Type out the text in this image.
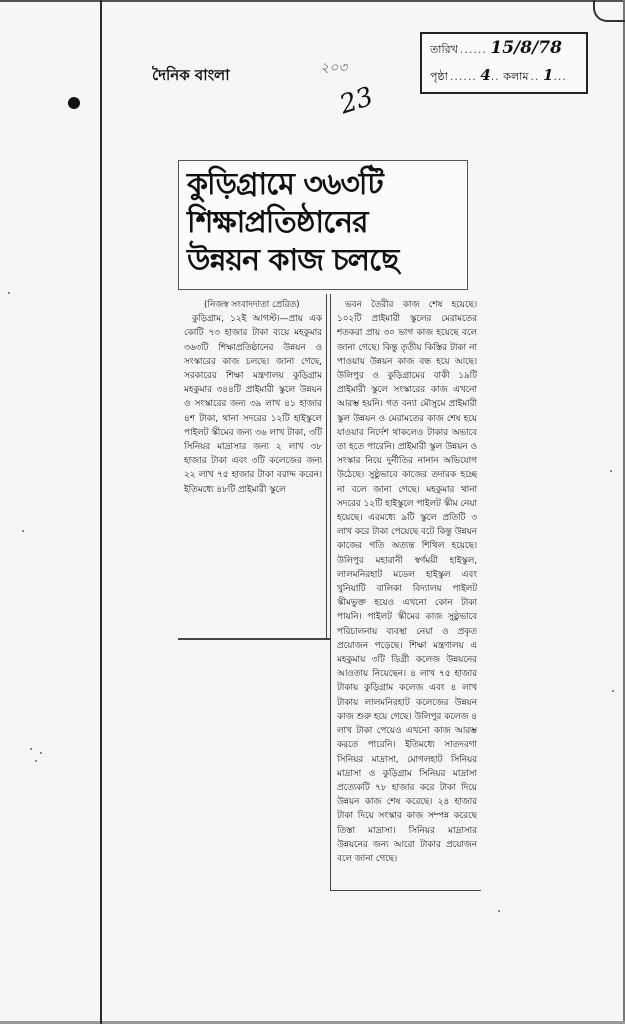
দৈনিক বাংলা	২০৩
23
তারিখ ...... 15/8/78
পৃষ্ঠা ...... 4.. কলাম .. 1...
কুড়িগ্রামে ৩৬৩টি
শিক্ষাপ্রতিষ্ঠানের
উন্নয়ন কাজ চলছে

(নিজস্ব সংবাদদাতা প্রেরিত)

কুড়িগ্রাম, ১২ই আগস্ট।—প্রায় এক কোটি ৭৩ হাজার টাকা ব্যয়ে মহকুমার ৩৬৩টি শিক্ষাপ্রতিষ্ঠানের উন্নয়ন ও সংস্কারের কাজ চলছে। জানা গেছে, সরকারের শিক্ষা মন্ত্রণালয় কুড়িগ্রাম মহকুমার ৩৪৪টি প্রাইমারী স্কুলে উন্নয়ন ও সংস্কারের জন্য ৩৯ লাখ ৪১ হাজার ৪শ টাকা, থানা সদরের ১২টি হাইস্কুলে পাইলট স্কীমের জন্য ৩৬ লাখ টাকা, ৩টি সিনিয়র মাদ্রাসার জন্য ২ লাখ ৩৮ হাজার টাকা এবং ৩টি কলেজের জন্য ২২ লাখ ৭৫ হাজার টাকা বরাদ্দ করেন। ইতিমধ্যে ৪৮টি প্রাইমারী স্কুলে

ভবন তৈরীর কাজ শেষ হয়েছে। ১০২টি প্রাইমারী স্কুলের মেরামতের শতকরা প্রায় ৩০ ভাগ কাজ হয়েছে বলে জানা গেছে। কিন্তু তৃতীয় কিস্তির টাকা না পাওয়ায় উন্নয়ন কাজ বন্ধ হয়ে আছে। উলিপুর ও কুড়িগ্রামের বাকী ১৯টি প্রাইমারী স্কুলে সংস্কারের কাজ এখনো আরম্ভ হয়নি। গত বন্যা মৌসুমে প্রাইমারী স্কুল উন্নয়ন ও মেরামতের কাজ শেষ হয়ে যাওয়ার নির্দেশ থাকলেও টাকার অভাবে তা হতে পারেনি। প্রাইমারী স্কুল উন্নয়ন ও সংস্কার নিয়ে দুর্নীতির নানান অভিযোগ উঠেছে। সুষ্ঠুভাবে কাজের তদারক হচ্ছে না বলে জানা গেছে। মহকুমার থানা সদরের ১২টি হাইস্কুলে পাইলট স্কীম নেয়া হয়েছে। এরমধ্যে ৯টি স্কুলে প্রতিটি ৩ লাখ করে টাকা পেয়েছে বটে কিন্তু উন্নয়ন কাজের গতি অত্যন্ত শিথিল হয়েছে। উলিপুর মহারানী স্বর্ণময়ী হাইস্কুল, লালমনিরহাট মডেল হাইস্কুল এবং খুনিয়াটি বালিকা বিদ্যালয় পাইলট স্কীমভুক্ত হয়েও এখনো কোন টাকা পায়নি। পাইলট স্কীমের কাজ সুষ্ঠুভাবে পরিচালনায় ব্যবস্থা নেয়া ও প্রকৃত প্রয়োজন পড়েছে। শিক্ষা মন্ত্রণালয় এ মহকুমায় ৩টি ডিগ্রী কলেজ উন্নয়নের আওতায় নিয়েছেন। ৪ লাখ ৭৫ হাজার টাকায় কুড়িগ্রাম কলেজ এবং ৪ লাখ টাকায় লালমনিরহাট কলেজের উন্নয়ন কাজ শুরু হয়ে গেছে। উলিপুর কলেজ ৪ লাখ টাকা পেয়েও এখনো কাজ আরম্ভ করতে পারেনি। ইতিমধ্যে সাতদরগা সিনিয়র মাদ্রাসা, মোগলহাট সিনিয়র মাদ্রাসা ও কুড়িগ্রাম সিনিয়র মাদ্রাসা প্রত্যেকটি ৭৮ হাজার করে টাকা দিয়ে উন্নয়ন কাজ শেষ করেছে। ২৪ হাজার টাকা দিয়ে সংস্কার কাজ সম্পন্ন করেছে তিস্তা মাদ্রাসা। সিনিয়র মাদ্রাসার উন্নয়নের জন্য আরো টাকার প্রয়োজন বলে জানা গেছে।
